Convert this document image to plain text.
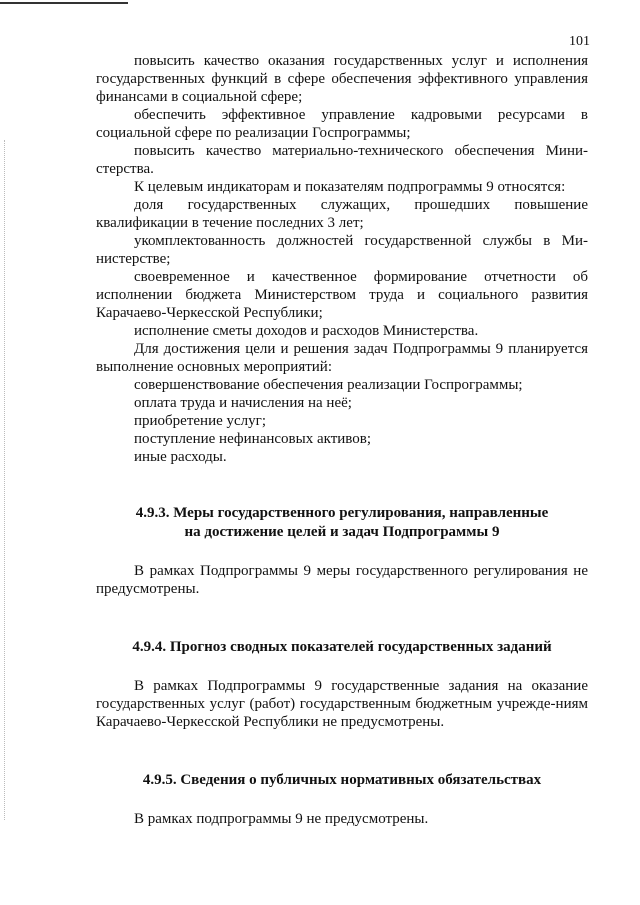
101

повысить качество оказания государственных услуг и исполнения государственных функций в сфере обеспечения эффективного управления финансами в социальной сфере;

обеспечить эффективное управление кадровыми ресурсами в социальной сфере по реализации Госпрограммы;

повысить качество материально-технического обеспечения Мини-стерства.

К целевым индикаторам и показателям подпрограммы 9 относятся:

доля государственных служащих, прошедших повышение квалификации в течение последних 3 лет;

укомплектованность должностей государственной службы в Ми-нистерстве;

своевременное и качественное формирование отчетности об исполнении бюджета Министерством труда и социального развития Карачаево-Черкесской Республики;

исполнение сметы доходов и расходов Министерства.

Для достижения цели и решения задач Подпрограммы 9 планируется выполнение основных мероприятий:

совершенствование обеспечения реализации Госпрограммы;

оплата труда и начисления на неё;

приобретение услуг;

поступление нефинансовых активов;

иные расходы.

4.9.3. Меры государственного регулирования, направленные

на достижение целей и задач Подпрограммы 9

В рамках Подпрограммы 9 меры государственного регулирования не предусмотрены.

4.9.4. Прогноз сводных показателей государственных заданий

В рамках Подпрограммы 9 государственные задания на оказание государственных услуг (работ) государственным бюджетным учрежде-ниям Карачаево-Черкесской Республики не предусмотрены.

4.9.5. Сведения о публичных нормативных обязательствах

В рамках подпрограммы 9 не предусмотрены.
